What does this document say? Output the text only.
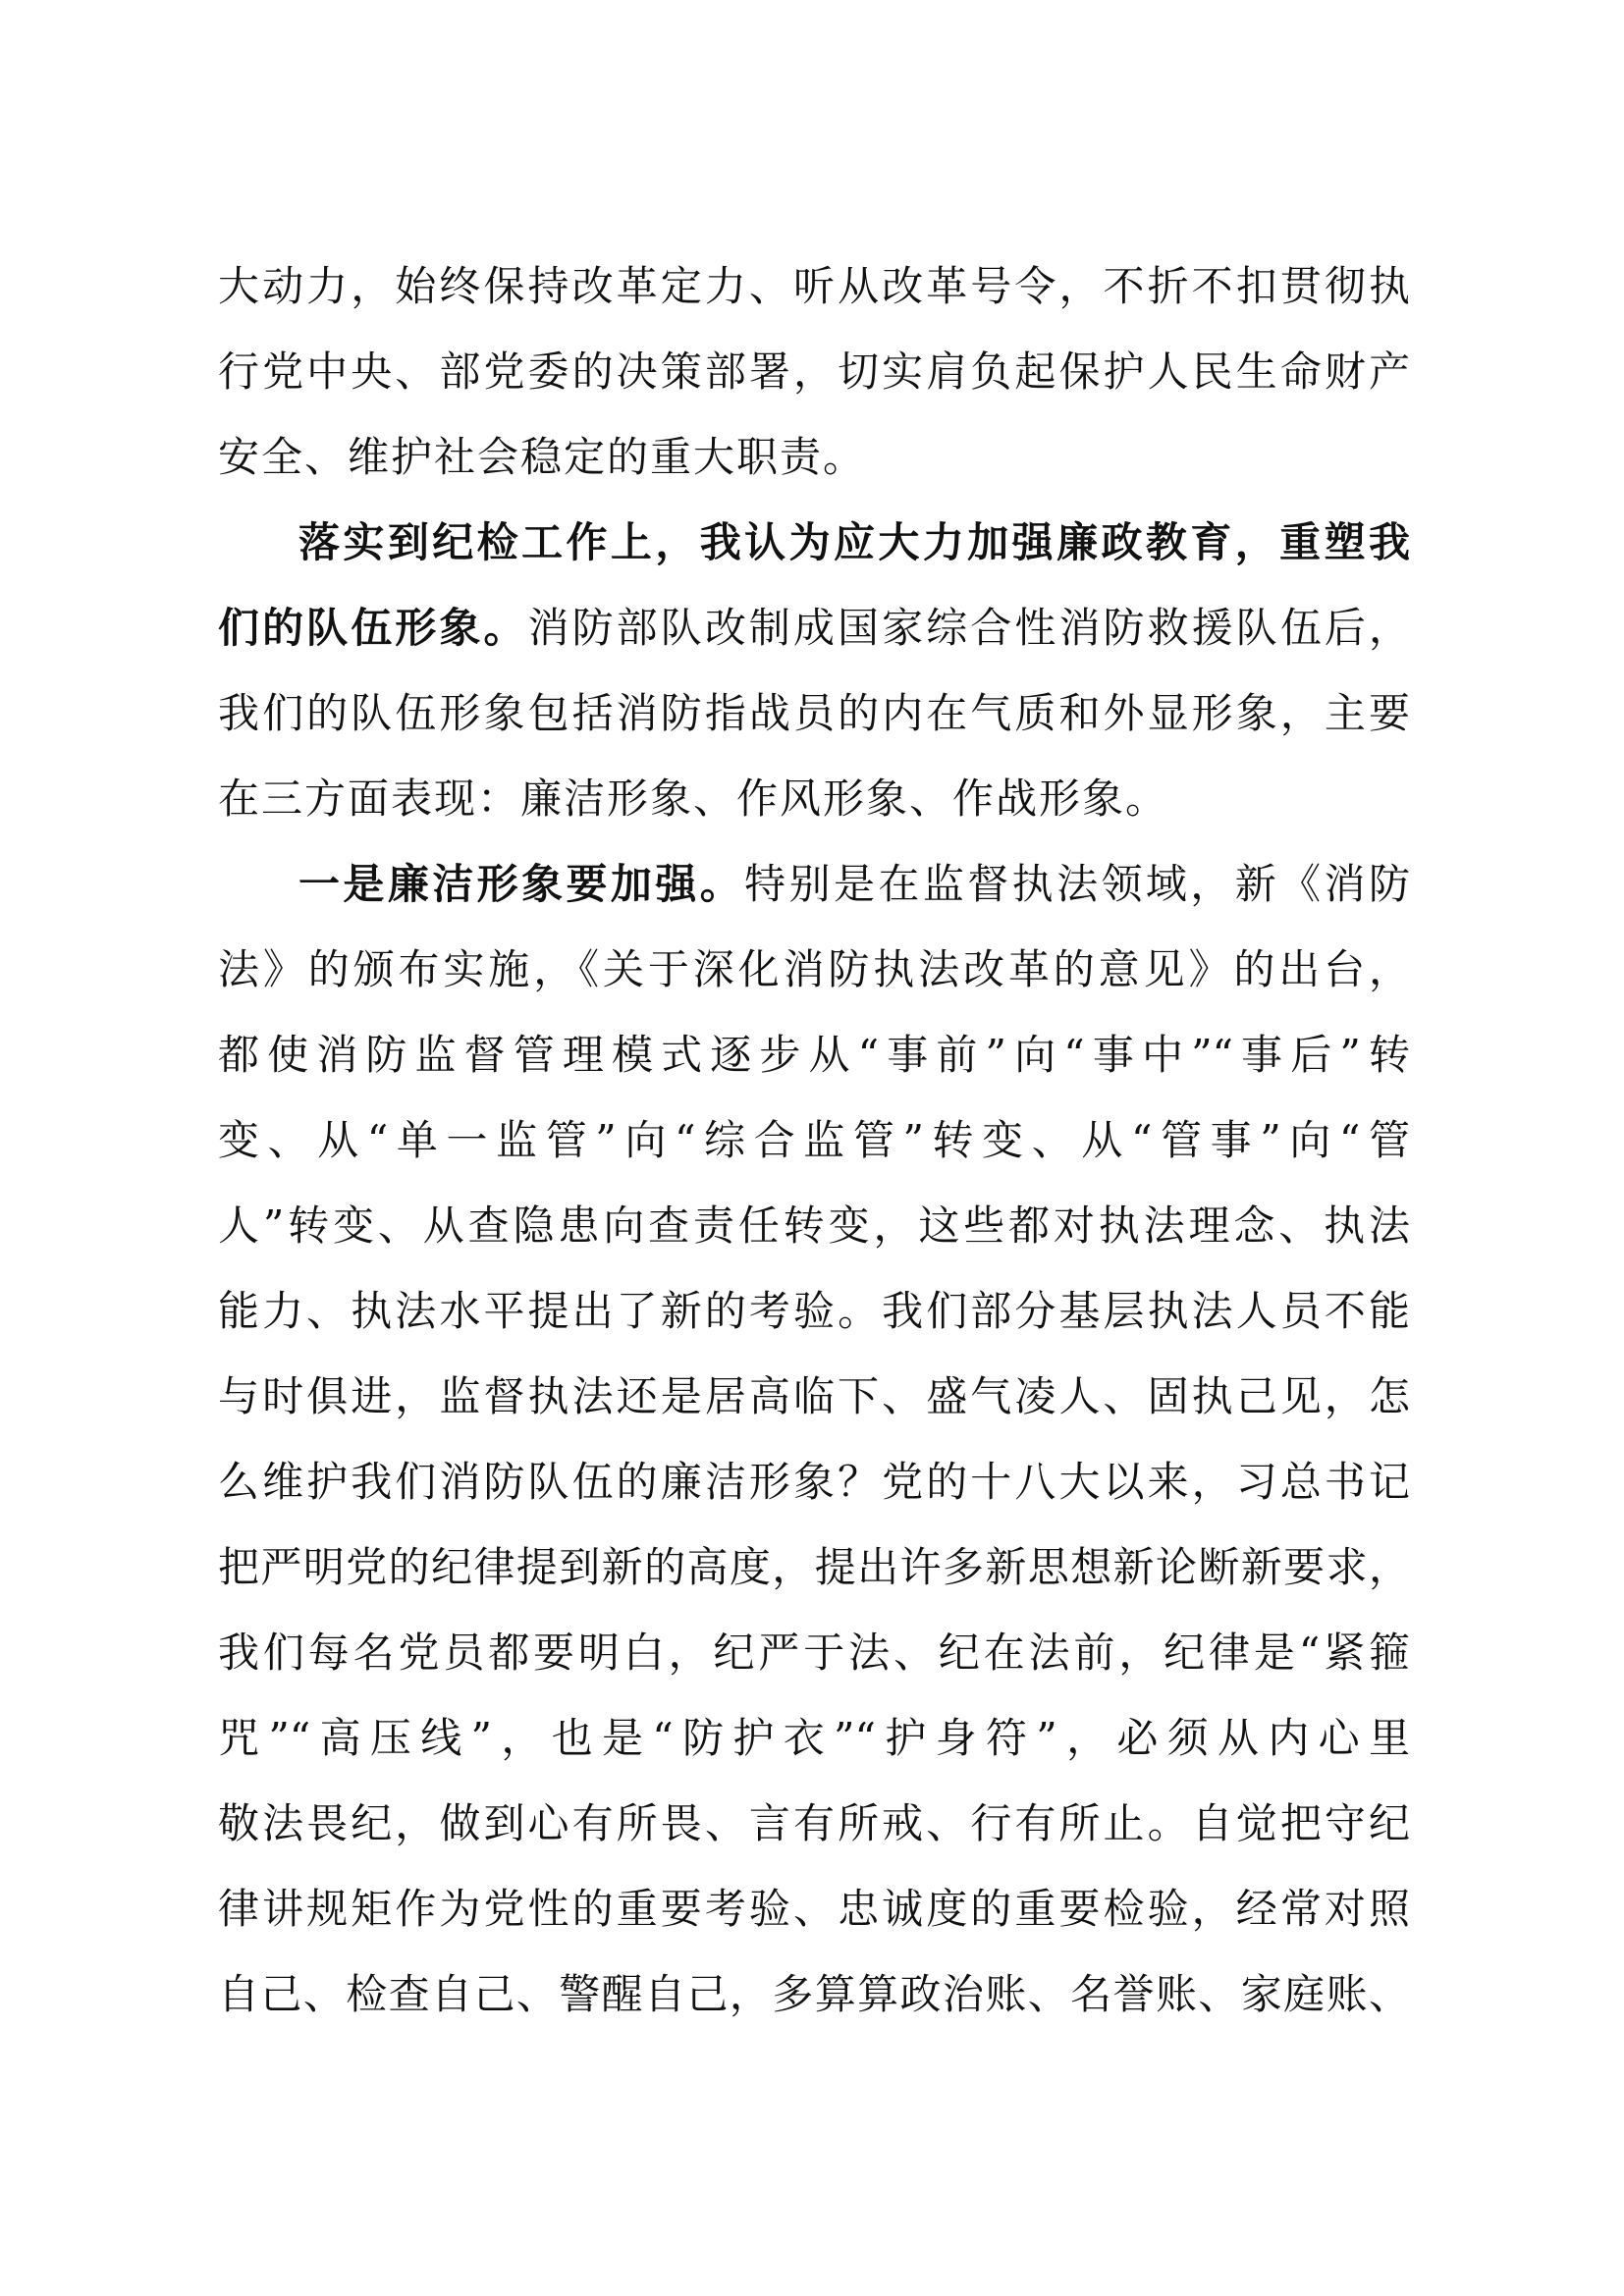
大动力，始终保持改革定力、听从改革号令，不折不扣贯彻执
行党中央、部党委的决策部署，切实肩负起保护人民生命财产
安全、维护社会稳定的重大职责。
落实到纪检工作上，我认为应大力加强廉政教育，重塑我
们的队伍形象。消防部队改制成国家综合性消防救援队伍后，
我们的队伍形象包括消防指战员的内在气质和外显形象，主要
在三方面表现：廉洁形象、作风形象、作战形象。
一是廉洁形象要加强。特别是在监督执法领域，新《消防
法》的颁布实施，《关于深化消防执法改革的意见》的出台，
都使消防监督管理模式逐步从“事前”向“事中”“事后”转
变、从“单一监管”向“综合监管”转变、从“管事”向“管
人”转变、从查隐患向查责任转变，这些都对执法理念、执法
能力、执法水平提出了新的考验。我们部分基层执法人员不能
与时俱进，监督执法还是居高临下、盛气凌人、固执己见，怎
么维护我们消防队伍的廉洁形象？党的十八大以来，习总书记
把严明党的纪律提到新的高度，提出许多新思想新论断新要求，
我们每名党员都要明白，纪严于法、纪在法前，纪律是“紧箍
咒”“高压线”，也是“防护衣”“护身符”，必须从内心里
敬法畏纪，做到心有所畏、言有所戒、行有所止。自觉把守纪
律讲规矩作为党性的重要考验、忠诚度的重要检验，经常对照
自己、检查自己、警醒自己，多算算政治账、名誉账、家庭账、
